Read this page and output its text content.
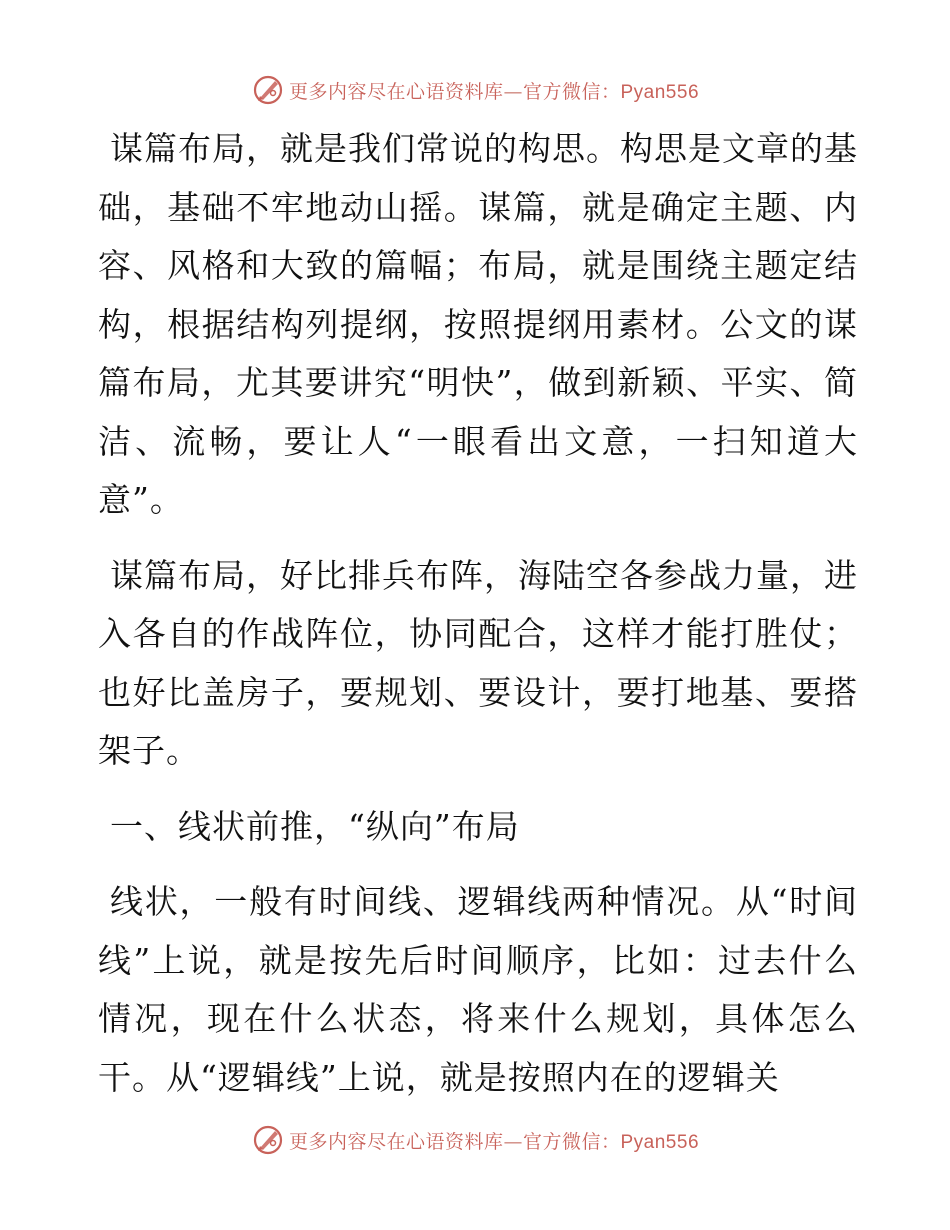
更多内容尽在心语资料库—官方微信：Pyan556

谋篇布局，就是我们常说的构思。构思是文章的基础，基础不牢地动山摇。谋篇，就是确定主题、内容、风格和大致的篇幅；布局，就是围绕主题定结构，根据结构列提纲，按照提纲用素材。公文的谋篇布局，尤其要讲究“明快”，做到新颖、平实、简洁、流畅，要让人“一眼看出文意，一扫知道大意”。

谋篇布局，好比排兵布阵，海陆空各参战力量，进入各自的作战阵位，协同配合，这样才能打胜仗；也好比盖房子，要规划、要设计，要打地基、要搭架子。

一、线状前推，“纵向”布局

线状，一般有时间线、逻辑线两种情况。从“时间线”上说，就是按先后时间顺序，比如：过去什么情况，现在什么状态，将来什么规划，具体怎么干。从“逻辑线”上说，就是按照内在的逻辑关

更多内容尽在心语资料库—官方微信：Pyan556
